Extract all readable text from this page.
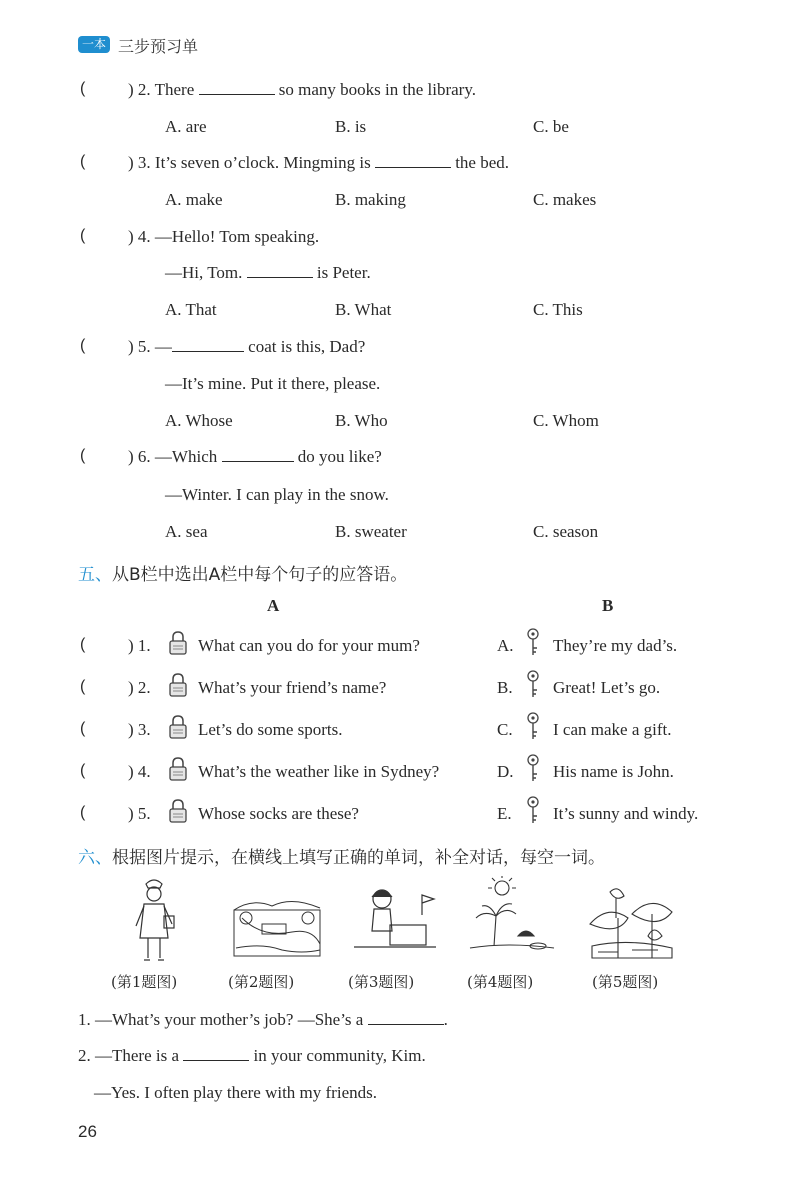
一本 三步预习单
(	) 2. There	so many books in the library.
A. are	B. is	C. be
(	) 3. It’s seven o’clock. Mingming is	the bed.
A. make	B. making	C. makes
(	) 4. —Hello! Tom speaking.
—Hi, Tom.	is Peter.
A. That	B. What	C. This
(	) 5. —	coat is this, Dad?
—It’s mine. Put it there, please.
A. Whose	B. Who	C. Whom
(	) 6. —Which	do you like?
—Winter. I can play in the snow.
A. sea	B. sweater	C. season
五、从B栏中选出A栏中每个句子的应答语。
A	B
(	) 1.	What can you do for your mum?	A. They’re my dad’s.
(	) 2.	What’s your friend’s name?	B. Great! Let’s go.
(	) 3.	Let’s do some sports.	C. I can make a gift.
(	) 4.	What’s the weather like in Sydney?	D. His name is John.
(	) 5.	Whose socks are these?	E. It’s sunny and windy.
六、根据图片提示，在横线上填写正确的单词，补全对话，每空一词。
(第1题图)	(第2题图)	(第3题图)	(第4题图)	(第5题图)
1. —What’s your mother’s job? —She’s a	.
2. —There is a	in your community, Kim.
—Yes. I often play there with my friends.
26
